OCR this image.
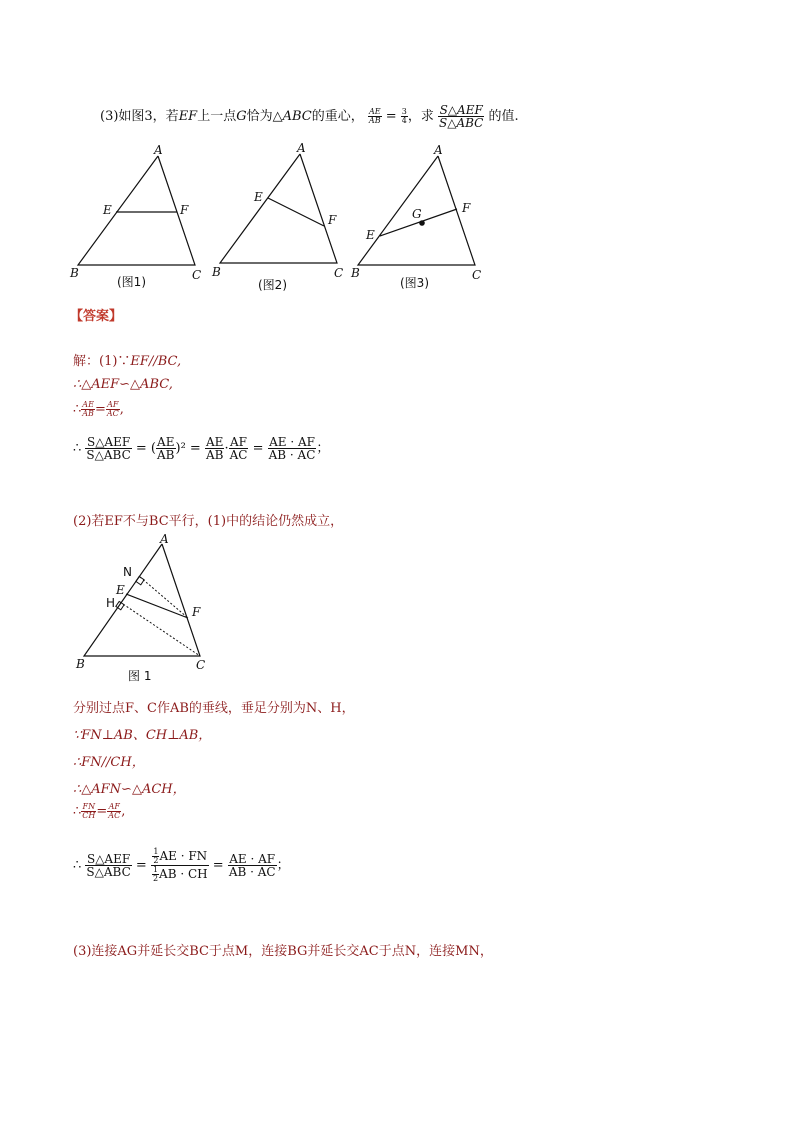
(3)如图3，若EF上一点G恰为△ABC的重心， $\frac{AE}{AB} = \frac{3}{4}$ ，求 $\frac{\text{S△AEF}}{\text{S△ABC}}$ 的值.
A
B	C
E	F
(图1)
A
B	C
E
F
(图2)
A
B	C
E
F
G
(图3)
【答案】
解：(1)∵EF//BC,
∴△AEF∽△ABC,
∴ $\frac{AE}{AB} = \frac{AF}{AC}$ ,
∴ $\frac{\text{S△AEF}}{\text{S△ABC}}$ = ( $\frac{AE}{AB} )^2 = \frac{AE}{AB} \cdot \frac{AF}{AC} = \frac{AE \cdot AF}{AB \cdot AC}$ ；
(2)若EF不与BC平行，(1)中的结论仍然成立，
A
B	C
E
F
N
H
图 1
分别过点F、C作AB的垂线，垂足分别为N、H，
∵FN⊥AB、CH⊥AB，
∴FN//CH，
∴△AFN∽△ACH，
∴ $\frac{FN}{CH} = \frac{AF}{AC}$ ,
∴ $\frac{\text{S△AEF}}{\text{S△ABC}} = \frac{\frac{1}{2} AE \cdot FN}{\frac{1}{2} AB \cdot CH} = \frac{AE \cdot AF}{AB \cdot AC}$ ；
(3)连接AG并延长交BC于点M，连接BG并延长交AC于点N，连接MN，
